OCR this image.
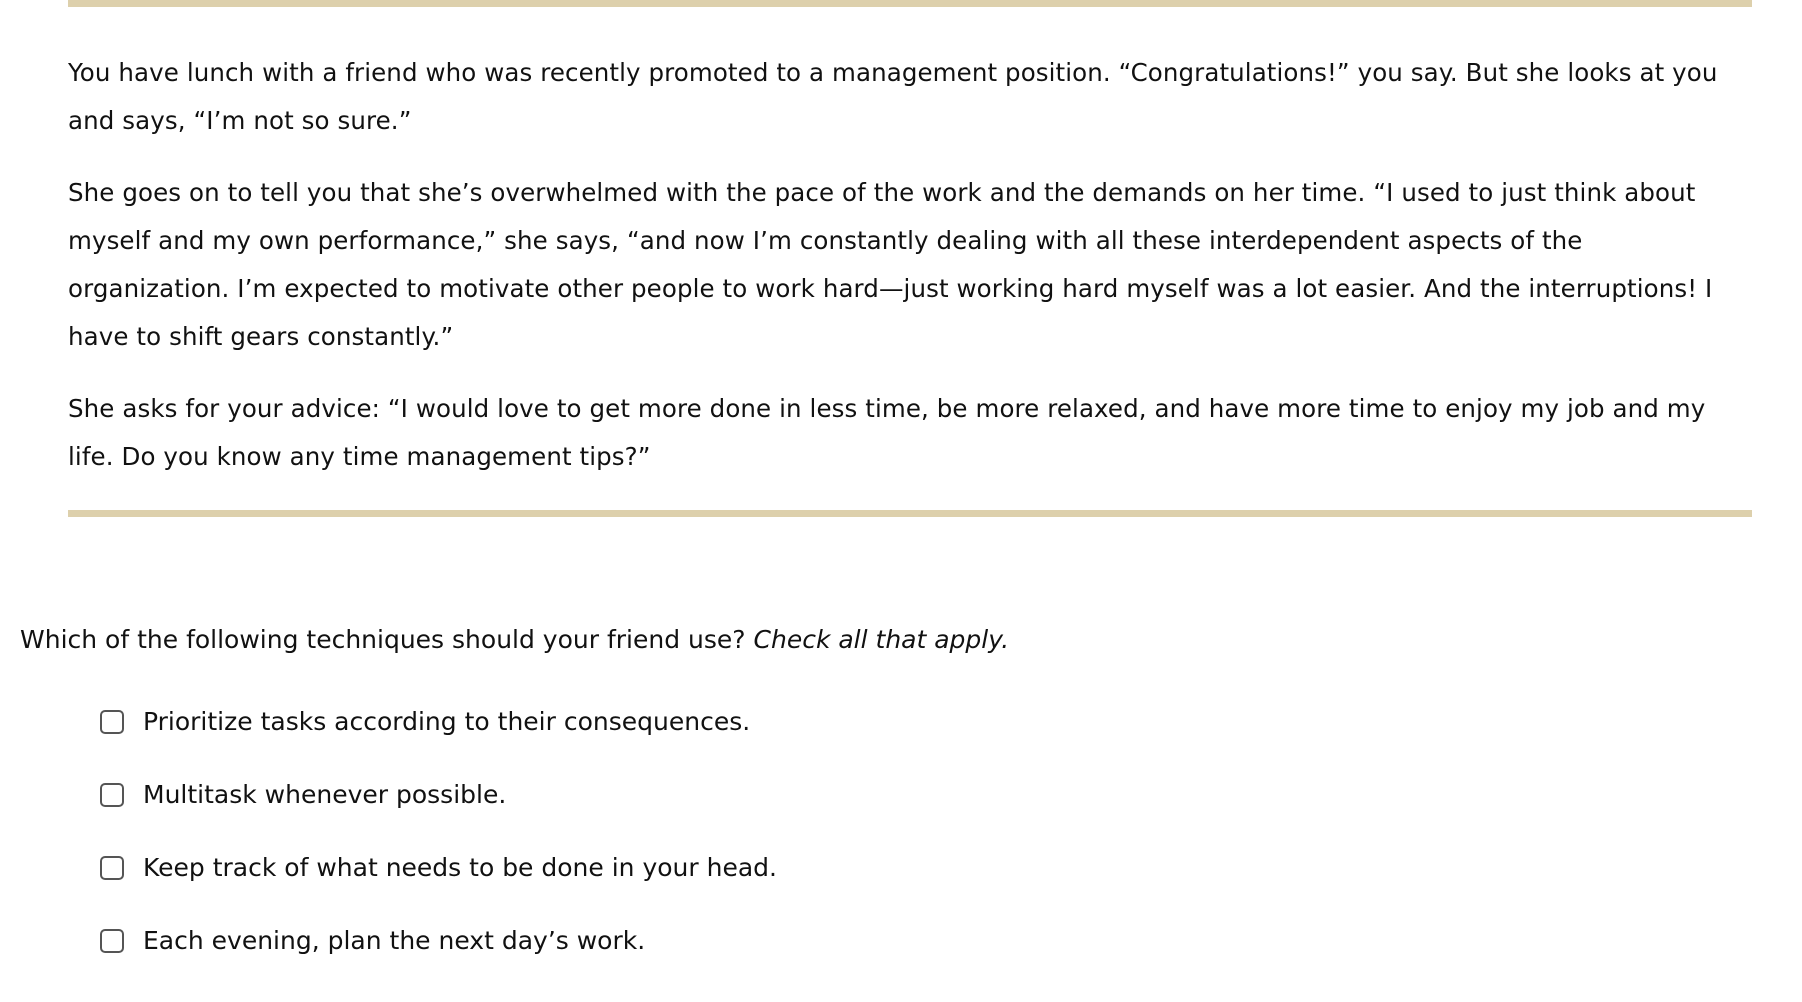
You have lunch with a friend who was recently promoted to a management position. “Congratulations!” you say. But she looks at you and says, “I’m not so sure.”

She goes on to tell you that she’s overwhelmed with the pace of the work and the demands on her time. “I used to just think about myself and my own performance,” she says, “and now I’m constantly dealing with all these interdependent aspects of the organization. I’m expected to motivate other people to work hard—just working hard myself was a lot easier. And the interruptions! I have to shift gears constantly.”

She asks for your advice: “I would love to get more done in less time, be more relaxed, and have more time to enjoy my job and my life. Do you know any time management tips?”

Which of the following techniques should your friend use? Check all that apply.
Prioritize tasks according to their consequences.
Multitask whenever possible.
Keep track of what needs to be done in your head.
Each evening, plan the next day’s work.
